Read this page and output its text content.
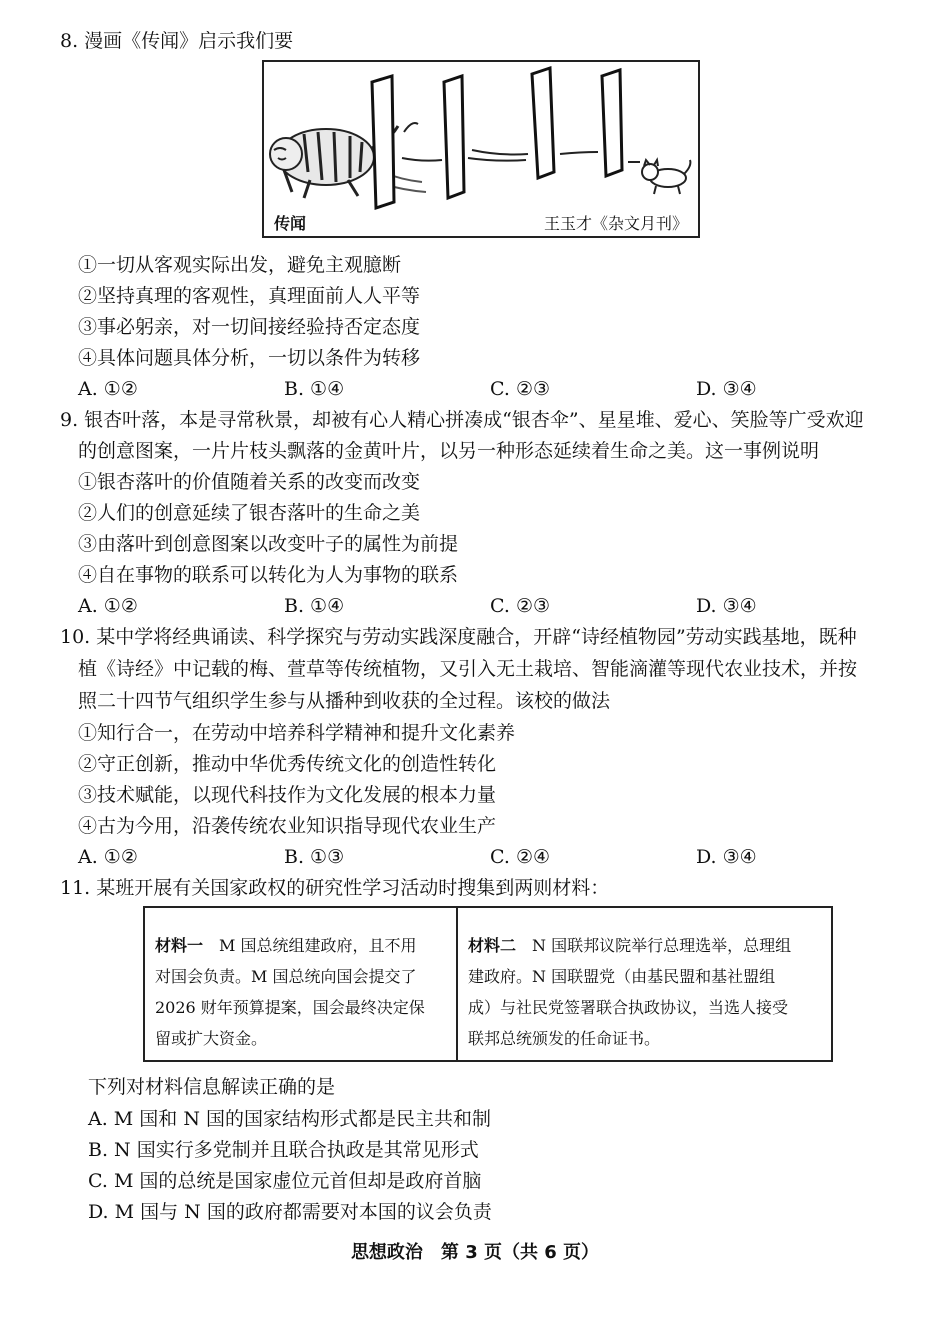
8. 漫画《传闻》启示我们要
传闻	王玉才《杂文月刊》
①一切从客观实际出发，避免主观臆断
②坚持真理的客观性，真理面前人人平等
③事必躬亲，对一切间接经验持否定态度
④具体问题具体分析，一切以条件为转移
A. ①②	B. ①④	C. ②③	D. ③④
9. 银杏叶落，本是寻常秋景，却被有心人精心拼凑成“银杏伞”、星星堆、爱心、笑脸等广受欢迎
的创意图案，一片片枝头飘落的金黄叶片，以另一种形态延续着生命之美。这一事例说明
①银杏落叶的价值随着关系的改变而改变
②人们的创意延续了银杏落叶的生命之美
③由落叶到创意图案以改变叶子的属性为前提
④自在事物的联系可以转化为人为事物的联系
A. ①②	B. ①④	C. ②③	D. ③④
10. 某中学将经典诵读、科学探究与劳动实践深度融合，开辟“诗经植物园”劳动实践基地，既种
植《诗经》中记载的梅、萱草等传统植物，又引入无土栽培、智能滴灌等现代农业技术，并按
照二十四节气组织学生参与从播种到收获的全过程。该校的做法
①知行合一，在劳动中培养科学精神和提升文化素养
②守正创新，推动中华优秀传统文化的创造性转化
③技术赋能，以现代科技作为文化发展的根本力量
④古为今用，沿袭传统农业知识指导现代农业生产
A. ①②	B. ①③	C. ②④	D. ③④
11. 某班开展有关国家政权的研究性学习活动时搜集到两则材料：
材料一　 M 国总统组建政府，且不用
对国会负责。M 国总统向国会提交了
2026 财年预算提案，国会最终决定保
留或扩大资金。
材料二　 N 国联邦议院举行总理选举，总理组
建政府。N 国联盟党（由基民盟和基社盟组
成）与社民党签署联合执政协议，当选人接受
联邦总统颁发的任命证书。
下列对材料信息解读正确的是
A. M 国和 N 国的国家结构形式都是民主共和制
B. N 国实行多党制并且联合执政是其常见形式
C. M 国的总统是国家虚位元首但却是政府首脑
D. M 国与 N 国的政府都需要对本国的议会负责
思想政治　第 3 页（共 6 页）
